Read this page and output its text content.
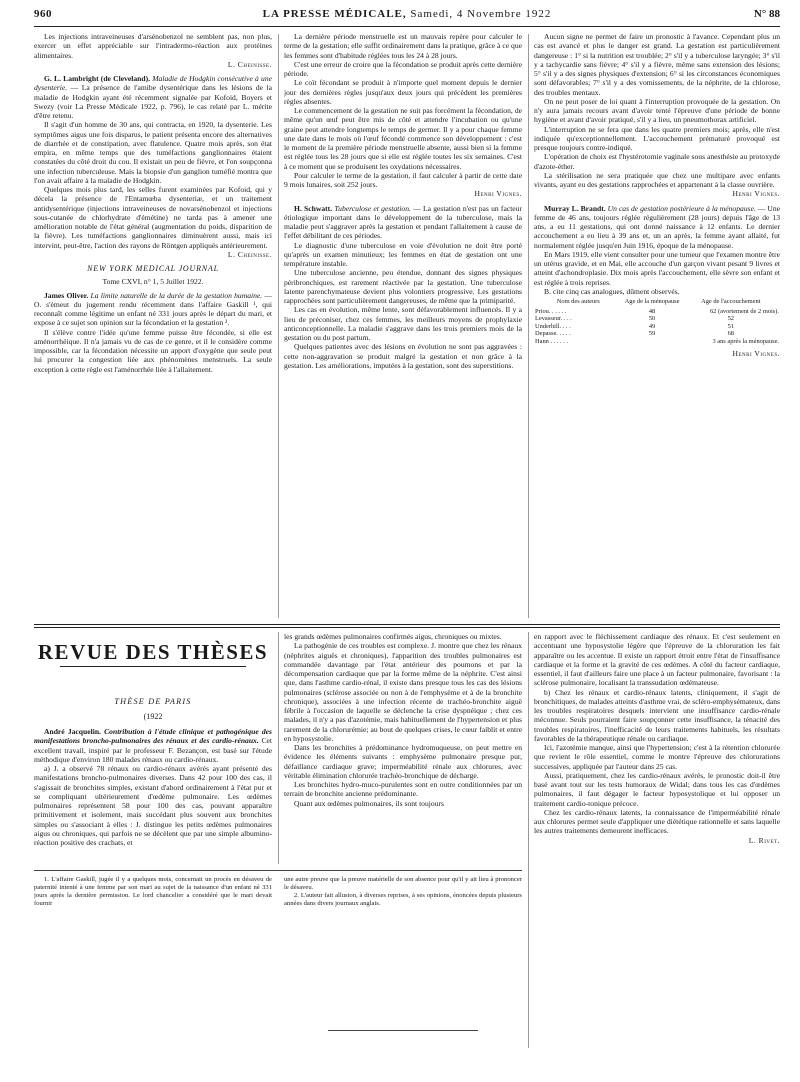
960	LA PRESSE MÉDICALE, Samedi, 4 Novembre 1922	N° 88

Les injections intraveineuses d'arsénobenzol ne semblent pas, non plus, exercer un effet appréciable sur l'intradermo-réaction aux protéines alimentaires.

L. Cheinisse.

G. L. Lambright (de Cleveland). Maladie de Hodgkin consécutive à une dysenterie. — La présence de l'amibe dysentérique dans les lésions de la maladie de Hodgkin ayant été récemment signalée par Kofoid, Boyers et Swezy (voir La Presse Médicale 1922, p. 796), le cas relaté par L. mérite d'être retenu.

Il s'agit d'un homme de 30 ans, qui contracta, en 1920, la dysenterie. Les symptômes aigus une fois disparus, le patient présenta encore des alternatives de diarrhée et de constipation, avec flatulence. Quatre mois après, son état empira, en même temps que des tuméfactions ganglionnaires étaient constatées du côté droit du cou. Il existait un peu de fièvre, et l'on soupçonna une infection tuberculeuse. Mais la biopsie d'un ganglion tuméfié montra que l'on avait affaire à la maladie de Hodgkin.

Quelques mois plus tard, les selles furent examinées par Kofoid, qui y décela la présence de l'Entamœba dysenteriæ, et un traitement antidysentérique (injections intraveineuses de novarsénobenzol et injections sous-cutanée de chlorhydrate d'émétine) ne tarda pas à amener une amélioration notable de l'état général (augmentation du poids, disparition de la fièvre). Les tuméfactions ganglionnaires diminuèrent aussi, mais ici intervint, peut-être, l'action des rayons de Röntgen appliqués antérieurement.

L. Cheinisse.

NEW YORK MEDICAL JOURNAL

Tome CXVI, n° 1, 5 Juillet 1922.

James Oliver. La limite naturelle de la durée de la gestation humaine. — O. s'émeut du jugement rendu récemment dans l'affaire Gaskill ¹, qui reconnaît comme légitime un enfant né 331 jours après le départ du mari, et expose à ce sujet son opinion sur la fécondation et la gestation ².

Il s'élève contre l'idée qu'une femme puisse être fécondée, si elle est aménorrhéique. Il n'a jamais vu de cas de ce genre, et il le considère comme impossible, car la fécondation nécessite un apport d'oxygène que seule peut lui procurer la congestion liée aux phénomènes menstruels. La seule exception à cette règle est l'aménorrhée liée à l'allaitement.

La dernière période menstruelle est un mauvais repère pour calculer le terme de la gestation; elle suffit ordinairement dans la pratique, grâce à ce que les femmes sont d'habitude réglées tous les 24 à 28 jours.

C'est une erreur de croire que la fécondation se produit après cette dernière période.

Le coït fécondant se produit à n'importe quel moment depuis le dernier jour des dernières règles jusqu'aux deux jours qui précèdent les premières règles absentes.

Le commencement de la gestation ne suit pas forcément la fécondation, de même qu'un œuf peut être mis de côté et attendre l'incubation ou qu'une graine peut attendre longtemps le temps de germer. Il y a pour chaque femme une date dans le mois où l'œuf fécondé commence son développement : c'est le moment de la première période menstruelle absente, aussi bien si la femme est réglée tous les 28 jours que si elle est réglée toutes les six semaines. C'est à ce moment que se produisent les oxydations nécessaires.

Pour calculer le terme de la gestation, il faut calculer à partir de cette date 9 mois lunaires, soit 252 jours.

Henri Vignes.

H. Schwatt. Tuberculose et gestation. — La gestation n'est pas un facteur étiologique important dans le développement de la tuberculose, mais la maladie peut s'aggraver après la gestation et pendant l'allaitement à cause de l'effet débilitant de ces périodes.

Le diagnostic d'une tuberculose en voie d'évolution ne doit être porté qu'après un examen minutieux; les femmes en état de gestation ont une température instable.

Une tuberculose ancienne, peu étendue, donnant des signes physiques péribronchiques, est rarement réactivée par la gestation. Une tuberculose latente parenchymateuse devient plus volontiers progressive. Les gestations rapprochées sont particulièrement dangereuses, de même que la primiparité.

Les cas en évolution, même lente, sont défavorablement influencés. Il y a lieu de préconiser, chez ces femmes, les meilleurs moyens de prophylaxie anticonceptionnelle. La maladie s'aggrave dans les trois premiers mois de la gestation ou du post partum.

Quelques patientes avec des lésions en évolution ne sont pas aggravées : cette non-aggravation se produit malgré la gestation et non grâce à la gestation. Les améliorations, imputées à la gestation, sont des superstitions.

Aucun signe ne permet de faire un pronostic à l'avance. Cependant plus un cas est avancé et plus le danger est grand. La gestation est particulièrement dangereuse : 1° si la nutrition est troublée; 2° s'il y a tuberculose laryngée; 3° s'il y a tachycardie sans fièvre; 4° s'il y a fièvre, même sans extension des lésions; 5° s'il y a des signes physiques d'extension; 6° si les circonstances économiques sont défavorables; 7° s'il y a des vomissements, de la néphrite, de la chlorose, des troubles mentaux.

On ne peut poser de loi quant à l'interruption provoquée de la gestation. On n'y aura jamais recours avant d'avoir tenté l'épreuve d'une période de bonne hygiène et avant d'avoir pratiqué, s'il y a lieu, un pneumothorax artificiel.

L'interruption ne se fera que dans les quatre premiers mois; après, elle n'est indiquée qu'exceptionnellement. L'accouchement prématuré provoqué est presque toujours contre-indiqué.

L'opération de choix est l'hystérotomie vaginale sous anesthésie au protoxyde d'azote-éther.

La stérilisation ne sera pratiquée que chez une multipare avec enfants vivants, ayant eu des gestations rapprochées et appartenant à la classe ouvrière.

Henri Vignes.

Murray L. Brandt. Un cas de gestation postérieure à la ménopause. — Une femme de 46 ans, toujours réglée régulièrement (28 jours) depuis l'âge de 13 ans, a eu 11 gestations, qui ont donné naissance à 12 enfants. Le dernier accouchement a eu lieu à 39 ans et, un an après, la femme ayant allaité, fut normalement réglée jusqu'en Juin 1916, époque de la ménopause.

En Mars 1919, elle vient consulter pour une tumeur que l'examen montre être un utérus gravide, et en Mai, elle accouche d'un garçon vivant pesant 9 livres et atteint d'achondroplasie. Dix mois après l'accouchement, elle sèvre son enfant et est réglée à trois reprises.

B. cite cinq cas analogues, dûment observés.

Nom des auteurs	Age de la ménopause	Age de l'accouchement
Priou. . . . . .	48	62 (avortement de 2 mois).
Levasseur. . . .	50	52
Underhill. . . .	49	51
Depasse. . . . .	59	68
Hann . . . . . .		3 ans après la ménopause.

Henri Vignes.

REVUE DES THÈSES
THÈSE DE PARIS
(1922

André Jacquelin. Contribution à l'étude clinique et pathogénique des manifestations broncho-pulmonaires des rénaux et des cardio-rénaux. Cet excellent travail, inspiré par le professeur F. Bezançon, est basé sur l'étude méthodique d'environ 180 malades rénaux ou cardio-rénaux.

a) J. a observé 78 rénaux ou cardio-rénaux avérés ayant présenté des manifestations broncho-pulmonaires diverses. Dans 42 pour 100 des cas, il s'agissait de bronchites simples, existant d'abord ordinairement à l'état pur et se compliquant ultérieurement d'œdème pulmonaire. Les œdèmes pulmonaires représentent 58 pour 100 des cas, pouvant apparaître primitivement et isolement, mais succédant plus souvent aux bronchites simples ou s'associant à elles : J. distingue les petits œdèmes pulmonaires aigus ou chroniques, qui parfois ne se décèlent que par une simple albumino-réaction positive des crachats, et

les grands œdèmes pulmonaires confirmés aigus, chroniques ou mixtes.

La pathogénie de ces troubles est complexe. J. montre que chez les rénaux (néphrites aiguës et chroniques), l'apparition des troubles pulmonaires est commandée davantage par l'état antérieur des poumons et par la décompensation cardiaque que par la forme même de la néphrite. C'est ainsi que, dans l'asthme cardio-rénal, il existe dans presque tous les cas des lésions pulmonaires (sclérose associée ou non à de l'emphysème et à de la bronchite chronique), associées à une infection récente de trachéo-bronchite aiguë fébrile à l'occasion de laquelle se déclenche la crise dyspnéique ; chez ces malades, il n'y a pas d'azotémie, mais habituellement de l'hypertension et plus rarement de la chlorurémie; au bout de quelques crises, le cœur faiblit et entre en hyposystolie.

Dans les bronchites à prédominance hydromuqueuse, on peut mettre en évidence les éléments suivants : emphysème pulmonaire presque pur, défaillance cardiaque grave; imperméabilité rénale aux chlorures, avec véritable élimination chlorurée trachéo-bronchique de décharge.

Les bronchites hydro-muco-purulentes sont en outre conditionnées par un terrain de bronchite ancienne prédominante.

Quant aux œdèmes pulmonaires, ils sont toujours

en rapport avec le fléchissement cardiaque des rénaux. Et c'est seulement en accentuant une hyposystolie légère que l'épreuve de la chloruration les fait apparaître ou les accentue. Il existe un rapport étroit entre l'état de l'insuffisance cardiaque et la forme et la gravité de ces œdèmes. A côté du facteur cardiaque, essentiel, il faut d'ailleurs faire une place à un facteur pulmonaire, favorisant : la sclérose pulmonaire, localisant la transsudation œdémateuse.

b) Chez les rénaux et cardio-rénaux latents, cliniquement, il s'agit de bronchitiques, de malades atteints d'asthme vrai, de scléro-emphysémateux, dans les troubles respiratoires desquels intervient une insuffisance cardio-rénale méconnue. Seuls pourraient faire soupçonner cette insuffisance, la ténacité des troubles respiratoires, l'inefficacité de leurs traitements habituels, les résultats favorables de la thérapeutique rénale ou cardiaque.

Ici, l'azotémie manque, ainsi que l'hypertension; c'est à la rétention chlorurée que revient le rôle essentiel, comme le montre l'épreuve des chlorurations successives, appliquée par l'auteur dans 25 cas.

Aussi, pratiquement, chez les cardio-rénaux avérés, le pronostic doit-il être basé avant tout sur les tests humoraux de Widal; dans tous les cas d'œdèmes pulmonaires, il faut dégager le facteur hyposystolique et lui opposer un traitement cardio-tonique précoce.

Chez les cardio-rénaux latents, la connaissance de l'imperméabilité rénale aux chlorures permet seule d'appliquer une diététique rationnelle et sans laquelle les autres traitements demeurent inefficaces.

L. Rivet.

1. L'affaire Gaskill, jugée il y a quelques mois, concernait un procès en désaveu de paternité intenté à une femme par son mari au sujet de la naissance d'un enfant né 331 jours après la dernière permission. Le lord chancelier a considéré que le mari devait fournir

une autre preuve que la preuve matérielle de son absence pour qu'il y ait lieu à prononcer le désaveu.

2. L'auteur fait allusion, à diverses reprises, à ses opinions, énoncées depuis plusieurs années dans divers journaux anglais.
